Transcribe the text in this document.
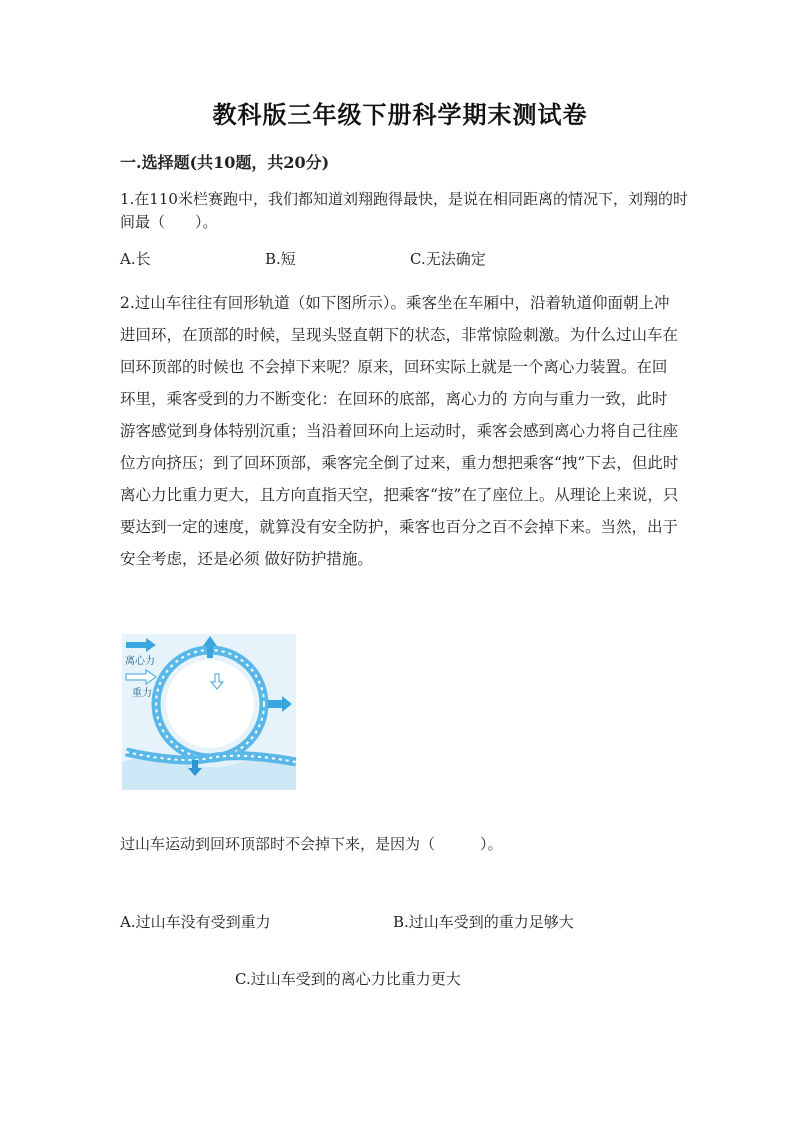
教科版三年级下册科学期末测试卷
一.选择题(共10题，共20分)
1.在110米栏赛跑中，我们都知道刘翔跑得最快，是说在相同距离的情况下，刘翔的时间最（　　）。
A.长	B.短	C.无法确定
2.过山车往往有回形轨道（如下图所示）。乘客坐在车厢中，沿着轨道仰面朝上冲进回环，在顶部的时候，呈现头竖直朝下的状态，非常惊险刺激。为什么过山车在回环顶部的时候也 不会掉下来呢？原来，回环实际上就是一个离心力装置。在回环里，乘客受到的力不断变化：在回环的底部，离心力的 方向与重力一致，此时游客感觉到身体特别沉重；当沿着回环向上运动时，乘客会感到离心力将自己往座位方向挤压；到了回环顶部，乘客完全倒了过来，重力想把乘客“拽”下去，但此时离心力比重力更大，且方向直指天空，把乘客“按”在了座位上。从理论上来说，只要达到一定的速度，就算没有安全防护，乘客也百分之百不会掉下来。当然，出于安全考虑，还是必须 做好防护措施。
离心力
重力
过山车运动到回环顶部时不会掉下来，是因为（　　　）。
A.过山车没有受到重力	B.过山车受到的重力足够大
C.过山车受到的离心力比重力更大
